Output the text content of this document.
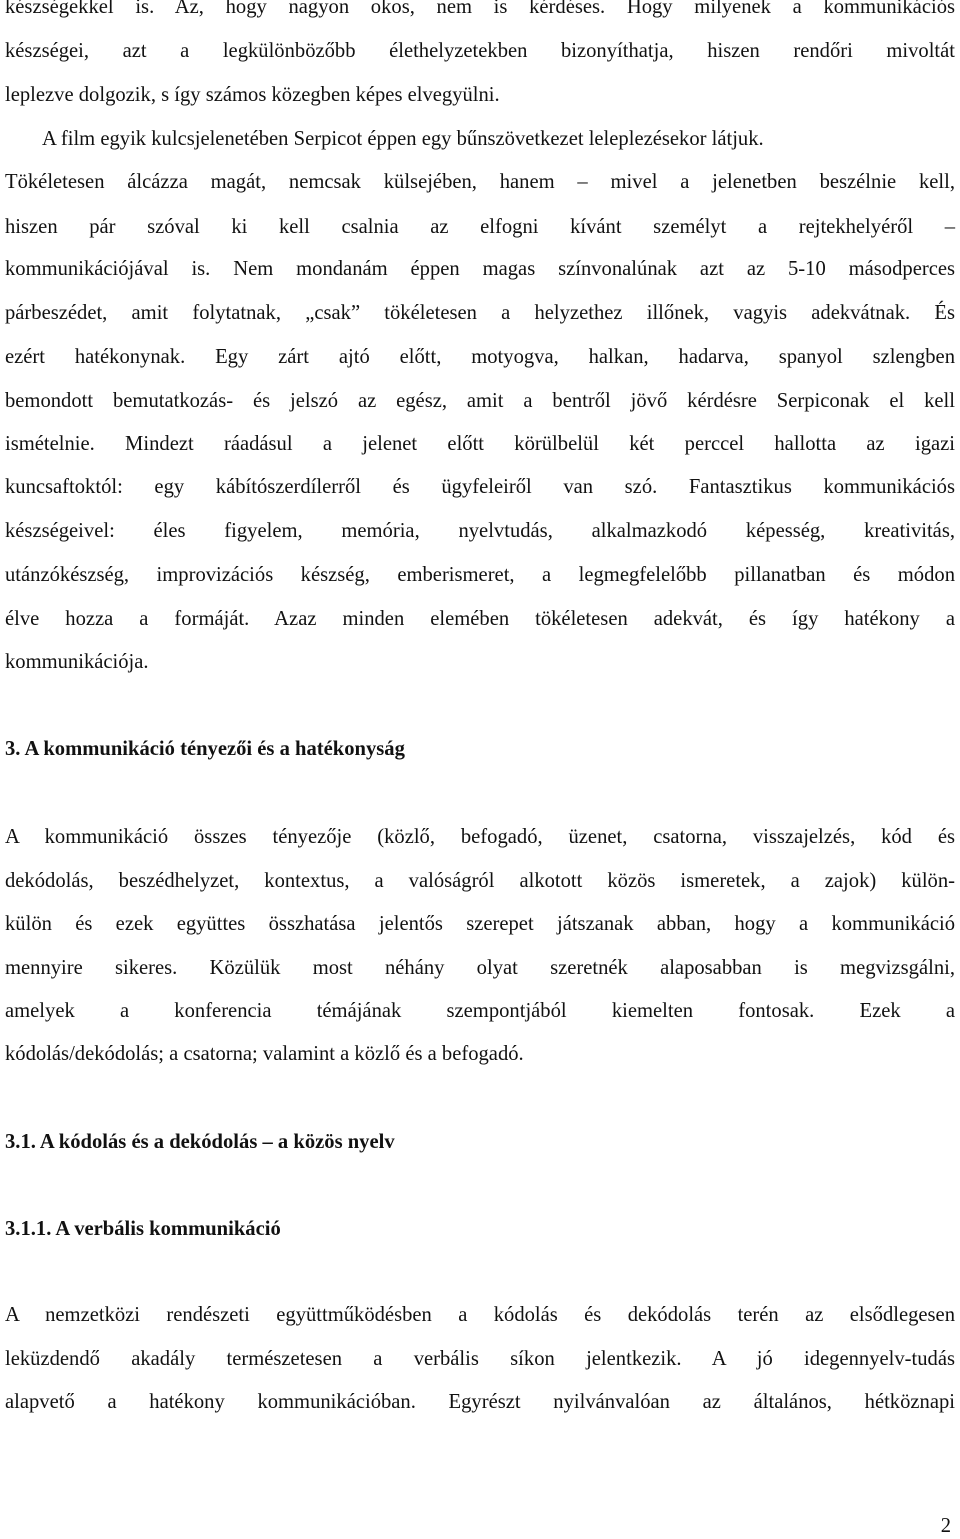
készségekkel is. Az, hogy nagyon okos, nem is kérdéses. Hogy milyenek a kommunikációs
készségei, azt a legkülönbözőbb élethelyzetekben bizonyíthatja, hiszen rendőri mivoltát
leplezve dolgozik, s így számos közegben képes elvegyülni.
A film egyik kulcsjelenetében Serpicot éppen egy bűnszövetkezet leleplezésekor látjuk.
Tökéletesen álcázza magát, nemcsak külsejében, hanem – mivel a jelenetben beszélnie kell,
hiszen pár szóval ki kell csalnia az elfogni kívánt személyt a rejtekhelyéről –
kommunikációjával is. Nem mondanám éppen magas színvonalúnak azt az 5-10 másodperces
párbeszédet, amit folytatnak, „csak” tökéletesen a helyzethez illőnek, vagyis adekvátnak. És
ezért hatékonynak. Egy zárt ajtó előtt, motyogva, halkan, hadarva, spanyol szlengben
bemondott bemutatkozás- és jelszó az egész, amit a bentről jövő kérdésre Serpiconak el kell
ismételnie. Mindezt ráadásul a jelenet előtt körülbelül két perccel hallotta az igazi
kuncsaftoktól: egy kábítószerdílerről és ügyfeleiről van szó. Fantasztikus kommunikációs
készségeivel: éles figyelem, memória, nyelvtudás, alkalmazkodó képesség, kreativitás,
utánzókészség, improvizációs készség, emberismeret, a legmegfelelőbb pillanatban és módon
élve hozza a formáját. Azaz minden elemében tökéletesen adekvát, és így hatékony a
kommunikációja.
3. A kommunikáció tényezői és a hatékonyság
A kommunikáció összes tényezője (közlő, befogadó, üzenet, csatorna, visszajelzés, kód és
dekódolás, beszédhelyzet, kontextus, a valóságról alkotott közös ismeretek, a zajok) külön-
külön és ezek együttes összhatása jelentős szerepet játszanak abban, hogy a kommunikáció
mennyire sikeres. Közülük most néhány olyat szeretnék alaposabban is megvizsgálni,
amelyek a konferencia témájának szempontjából kiemelten fontosak. Ezek a
kódolás/dekódolás; a csatorna; valamint a közlő és a befogadó.
3.1. A kódolás és a dekódolás – a közös nyelv
3.1.1. A verbális kommunikáció
A nemzetközi rendészeti együttműködésben a kódolás és dekódolás terén az elsődlegesen
leküzdendő akadály természetesen a verbális síkon jelentkezik. A jó idegennyelv-tudás
alapvető a hatékony kommunikációban. Egyrészt nyilvánvalóan az általános, hétköznapi
2
